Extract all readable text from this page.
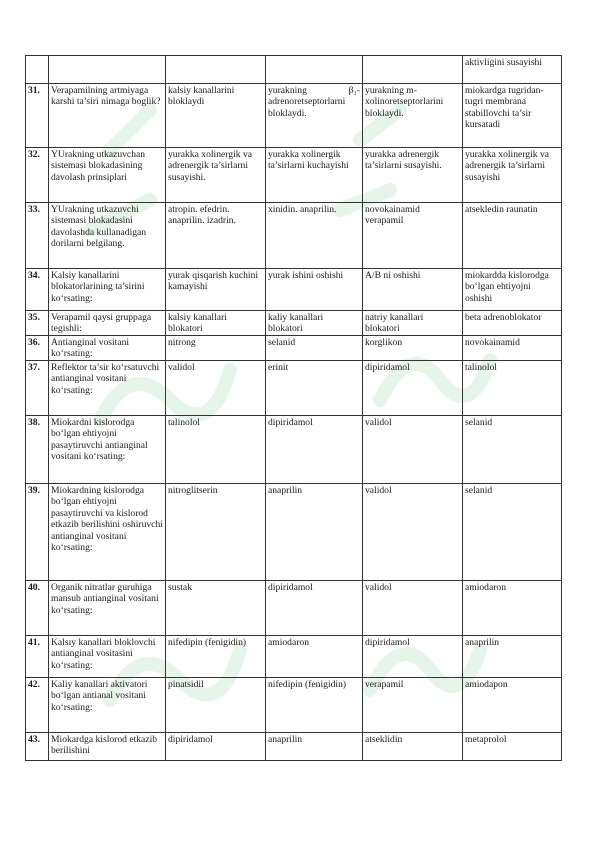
					aktivligini susayishi
31.	Verapamilning artmiyaga karshi ta’siri nimaga boglik?	kalsiy kanallarini bloklaydi	yurakning β₁-adrenoretseptorlarni bloklaydi.	yurakning m-xolinoretseptorlarini bloklaydi.	miokardga tugridan-tugri membrana stabillovchi ta’sir kursatadi
32.	YUrakning utkazuvchan sistemasi blokadasining davolash prinsiplari	yurakka xolinergik va adrenergik ta’sirlarni susayishi.	yurakka xolinergik ta’sirlarni kuchayishi	yurakka adrenergik ta’sirlarni susayishi.	yurakka xolinergik va adrenergik ta’sirlarni susayishi
33.	YUrakning utkazuvchi sistemasi blokadasini davolashda kullanadigan dorilarni belgilang.	atropin. efedrin. anaprilin. izadrin.	xinidin. anaprilin.	novokainamid verapamil	atsekledin raunatin
34.	Kalsiy kanallarini blokatorlarining ta’sirini ko‘rsating:	yurak qisqarish kuchini kamayishi	yurak ishini oshishi	A/B ni oshishi	miokardda kislorodga bo‘lgan ehtiyojni oshishi
35.	Verapamil qaysi gruppaga tegishli:	kalsiy kanallari blokatori	kaliy kanallari blokatori	natriy kanallari blokatori	beta adrenoblokator
36.	Antianginal vositani ko‘rsating:	nitrong	selanid	korglikon	novokainamid
37.	Reflektor ta’sir ko‘rsatuvchi antianginal vositani ko‘rsating:	validol	erinit	dipiridamol	talinolol
38.	Miokardni kislorodga bo‘lgan ehtiyojni pasaytiruvchi antianginal vositani ko‘rsating:	talinolol	dipiridamol	validol	selanid
39.	Miokardning kislorodga bo‘lgan ehtiyojni pasaytiruvchi va kislorod etkazib berilishini oshiruvchi antianginal vositani ko‘rsating:	nitroglitserin	anaprilin	validol	selanid
40.	Organik nitratlar guruhiga mansub antianginal vositani ko‘rsating:	sustak	dipiridamol	validol	amiodaron
41.	Kalsıy kanallari bloklovchi antianginal vositasini ko‘rsating:	nifedipin (fenigidin)	amiodaron	dipiridamol	anaprilin
42.	Kaliy kanallari aktivatori bo‘lgan antianal vositani ko‘rsating:	pinatsidil	nifedipin (fenigidin)	verapamil	amiodapon
43.	Miokardga kislorod etkazib berilishini	dipiridamol	anaprilin	atseklidin	metaprolol
